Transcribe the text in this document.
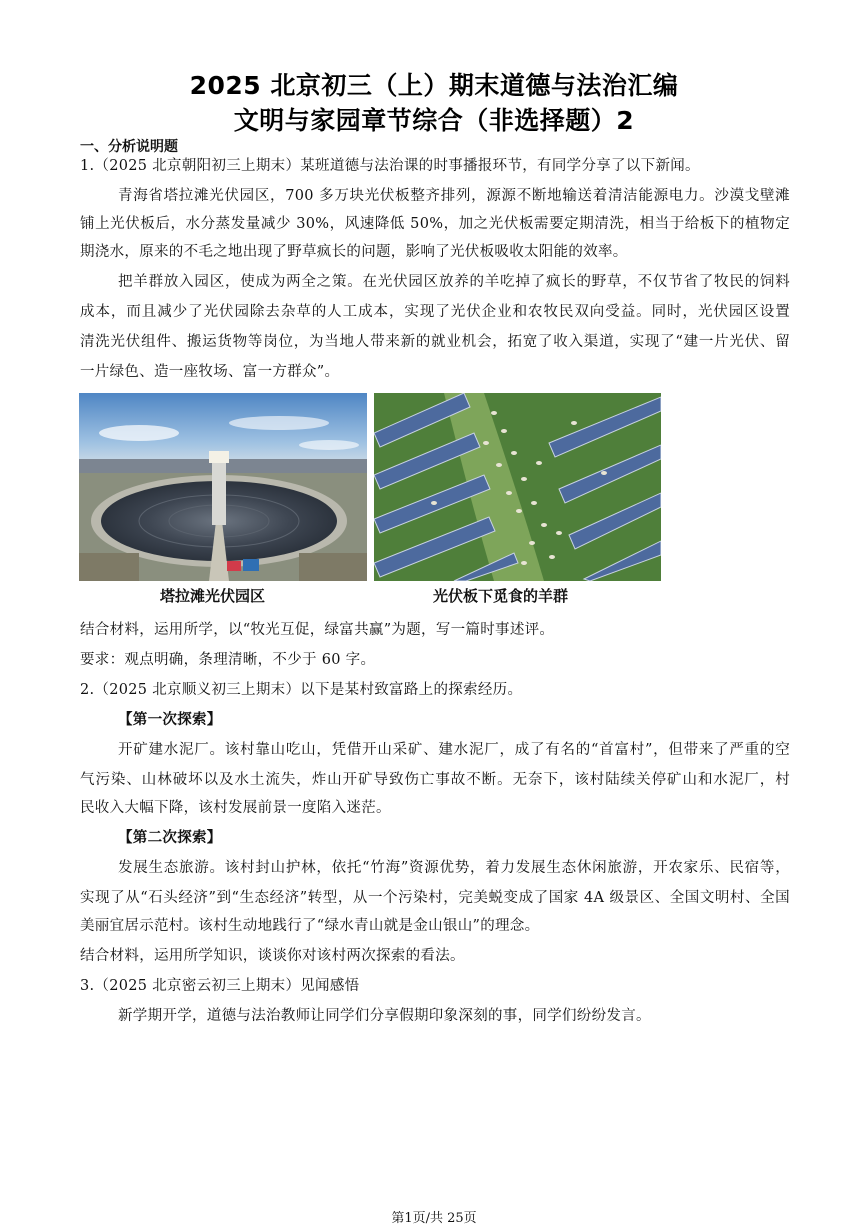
2025 北京初三（上）期末道德与法治汇编
文明与家园章节综合（非选择题）2
一、分析说明题
1.（2025 北京朝阳初三上期末）某班道德与法治课的时事播报环节，有同学分享了以下新闻。
青海省塔拉滩光伏园区，700 多万块光伏板整齐排列，源源不断地输送着清洁能源电力。沙漠戈壁滩
铺上光伏板后，水分蒸发量减少 30%，风速降低 50%，加之光伏板需要定期清洗，相当于给板下的植物定
期浇水，原来的不毛之地出现了野草疯长的问题，影响了光伏板吸收太阳能的效率。
把羊群放入园区，使成为两全之策。在光伏园区放养的羊吃掉了疯长的野草，不仅节省了牧民的饲料
成本，而且减少了光伏园除去杂草的人工成本，实现了光伏企业和农牧民双向受益。同时，光伏园区设置
清洗光伏组件、搬运货物等岗位，为当地人带来新的就业机会，拓宽了收入渠道，实现了“建一片光伏、留
一片绿色、造一座牧场、富一方群众”。
塔拉滩光伏园区	光伏板下觅食的羊群
结合材料，运用所学，以“牧光互促，绿富共赢”为题，写一篇时事述评。
要求：观点明确，条理清晰，不少于 60 字。
2.（2025 北京顺义初三上期末）以下是某村致富路上的探索经历。
【第一次探索】
开矿建水泥厂。该村靠山吃山，凭借开山采矿、建水泥厂，成了有名的“首富村”，但带来了严重的空
气污染、山林破坏以及水土流失，炸山开矿导致伤亡事故不断。无奈下，该村陆续关停矿山和水泥厂，村
民收入大幅下降，该村发展前景一度陷入迷茫。
【第二次探索】
发展生态旅游。该村封山护林，依托“竹海”资源优势，着力发展生态休闲旅游，开农家乐、民宿等，
实现了从“石头经济”到“生态经济”转型，从一个污染村，完美蜕变成了国家 4A 级景区、全国文明村、全国
美丽宜居示范村。该村生动地践行了“绿水青山就是金山银山”的理念。
结合材料，运用所学知识，谈谈你对该村两次探索的看法。
3.（2025 北京密云初三上期末）见闻感悟
新学期开学，道德与法治教师让同学们分享假期印象深刻的事，同学们纷纷发言。
第1页/共 25页
